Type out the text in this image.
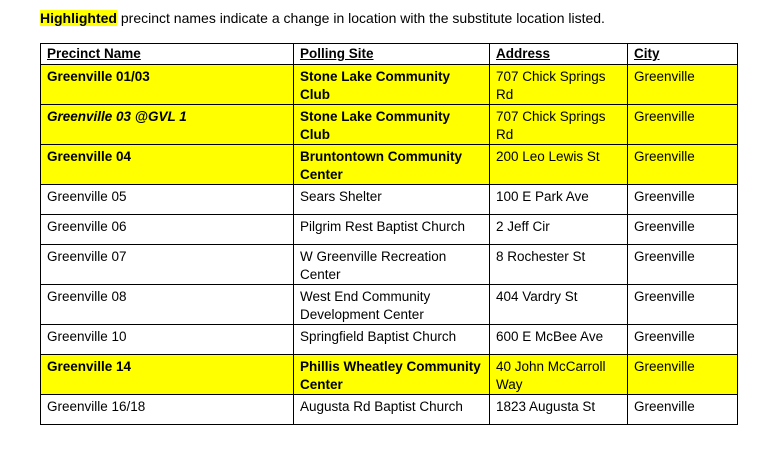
Highlighted precinct names indicate a change in location with the substitute location listed.
Precinct Name	Polling Site	Address	City
Greenville 01/03	Stone Lake Community Club	707 Chick Springs Rd	Greenville
Greenville 03 @GVL 1	Stone Lake Community Club	707 Chick Springs Rd	Greenville
Greenville 04	Bruntontown Community Center	200 Leo Lewis St	Greenville
Greenville 05	Sears Shelter	100 E Park Ave	Greenville
Greenville 06	Pilgrim Rest Baptist Church	2 Jeff Cir	Greenville
Greenville 07	W Greenville Recreation Center	8 Rochester St	Greenville
Greenville 08	West End Community Development Center	404 Vardry St	Greenville
Greenville 10	Springfield Baptist Church	600 E McBee Ave	Greenville
Greenville 14	Phillis Wheatley Community Center	40 John McCarroll Way	Greenville
Greenville 16/18	Augusta Rd Baptist Church	1823 Augusta St	Greenville
